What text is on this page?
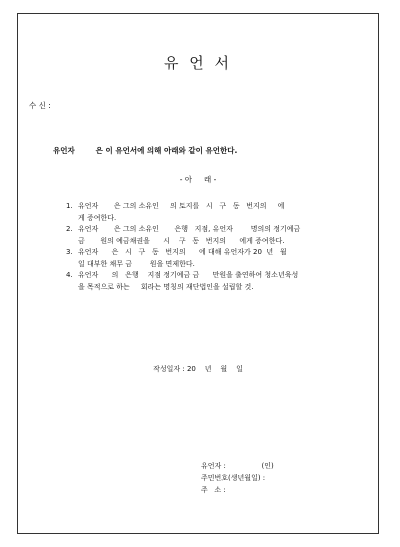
유 언 서
수 신 :
유언자        은 이 유언서에 의해 아래와 같이 유언한다.
- 아     래 -
1. 유언자       은 그의 소유인     의 토지를   시   구   동   번지의     에
게 증여한다.
2. 유언자       은 그의 소유인       은행   지점, 유언자        명의의 정기예금
금       원의 예금채권을      시    구   동   번지의      에게 증여한다.
3. 유언자      은   시   구   동   번지의      에 대해 유언자가 20  년   월
일 대부한 채무 금        원을 면제한다.
4. 유언자      의   은행    지점 정기예금 금      만원을 출연하여 청소년육성
을 목적으로 하는     회라는 명칭의 재단법인을 설립할 것.
작성일자 : 20    년    월    일
유언자 :                (인)
주민번호(생년월일) :
주   소 :
